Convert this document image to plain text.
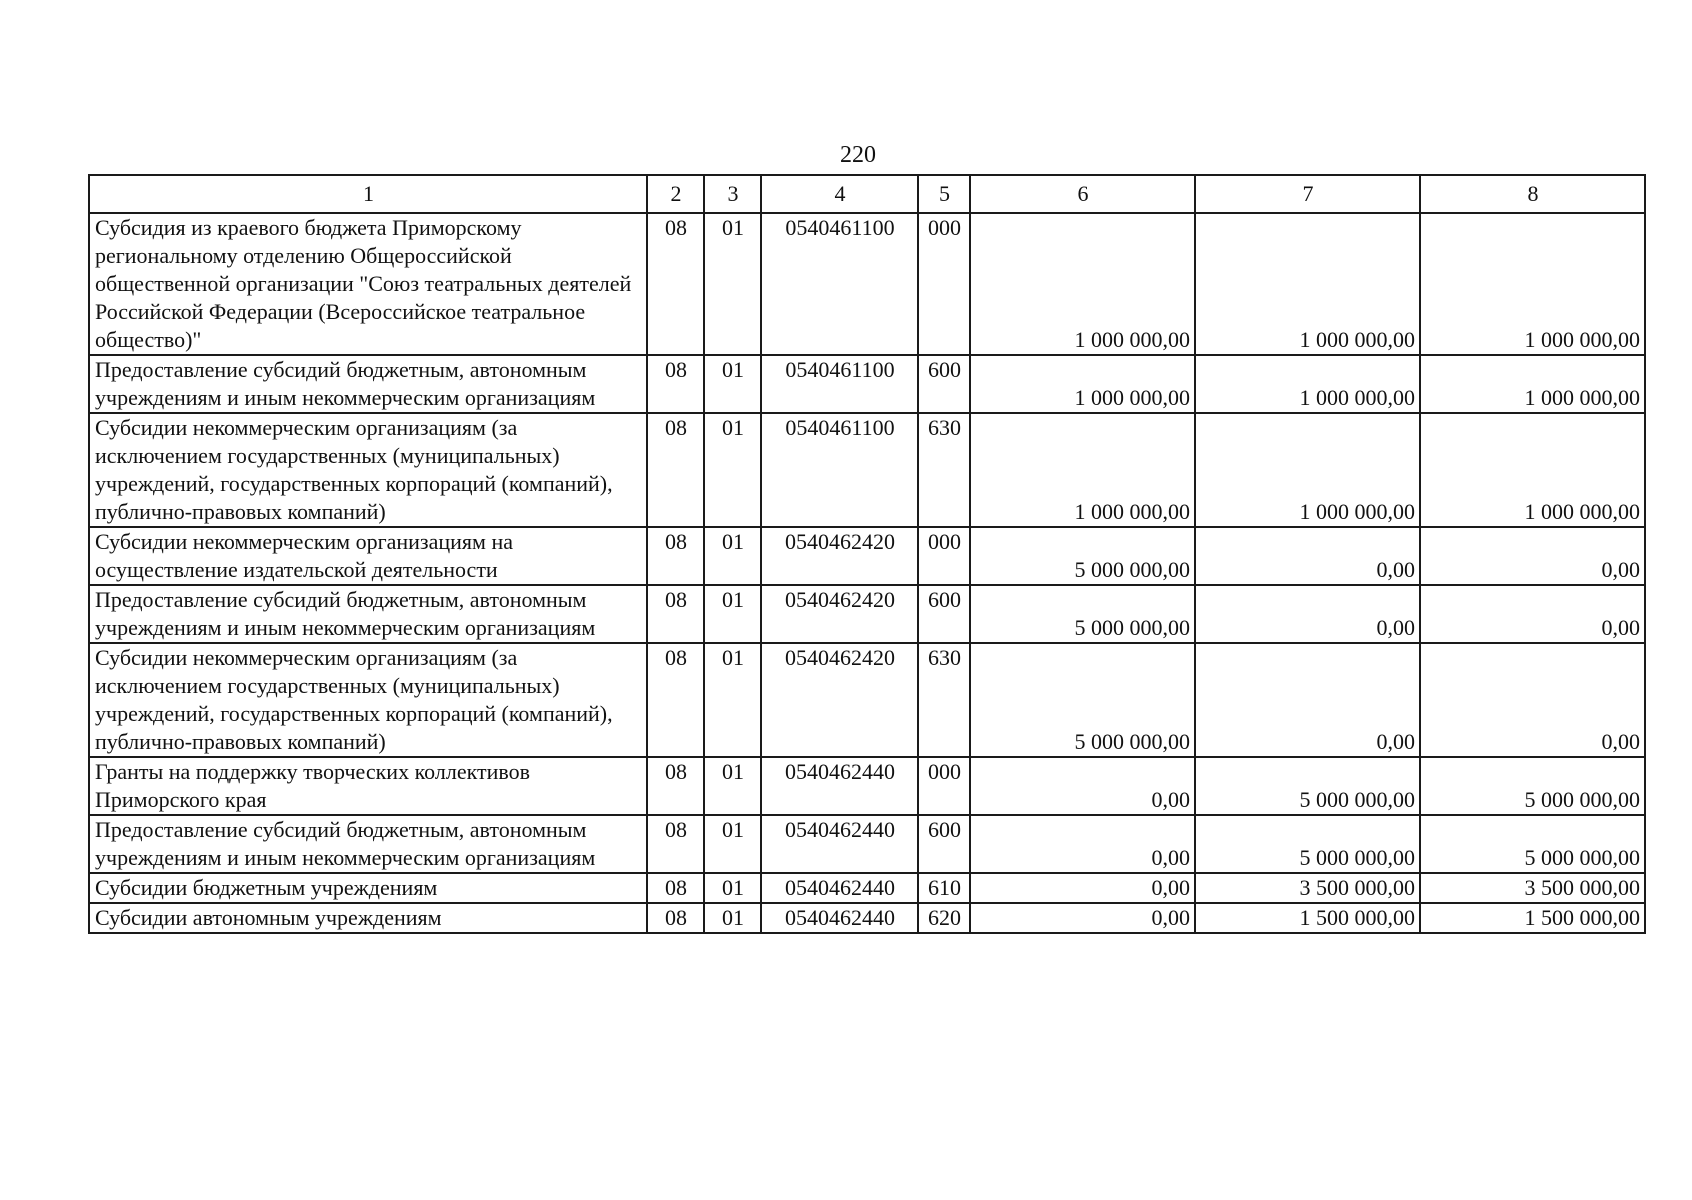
220
1	2	3	4	5	6	7	8
Субсидия из краевого бюджета Приморскому региональному отделению Общероссийской общественной организации "Союз театральных деятелей Российской Федерации (Всероссийское театральное общество)"	08	01	0540461100	000	1 000 000,00	1 000 000,00	1 000 000,00
Предоставление субсидий бюджетным, автономным учреждениям и иным некоммерческим организациям	08	01	0540461100	600	1 000 000,00	1 000 000,00	1 000 000,00
Субсидии некоммерческим организациям (за исключением государственных (муниципальных) учреждений, государственных корпораций (компаний), публично-правовых компаний)	08	01	0540461100	630	1 000 000,00	1 000 000,00	1 000 000,00
Субсидии некоммерческим организациям на осуществление издательской деятельности	08	01	0540462420	000	5 000 000,00	0,00	0,00
Предоставление субсидий бюджетным, автономным учреждениям и иным некоммерческим организациям	08	01	0540462420	600	5 000 000,00	0,00	0,00
Субсидии некоммерческим организациям (за исключением государственных (муниципальных) учреждений, государственных корпораций (компаний), публично-правовых компаний)	08	01	0540462420	630	5 000 000,00	0,00	0,00
Гранты на поддержку творческих коллективов Приморского края	08	01	0540462440	000	0,00	5 000 000,00	5 000 000,00
Предоставление субсидий бюджетным, автономным учреждениям и иным некоммерческим организациям	08	01	0540462440	600	0,00	5 000 000,00	5 000 000,00
Субсидии бюджетным учреждениям	08	01	0540462440	610	0,00	3 500 000,00	3 500 000,00
Субсидии автономным учреждениям	08	01	0540462440	620	0,00	1 500 000,00	1 500 000,00
